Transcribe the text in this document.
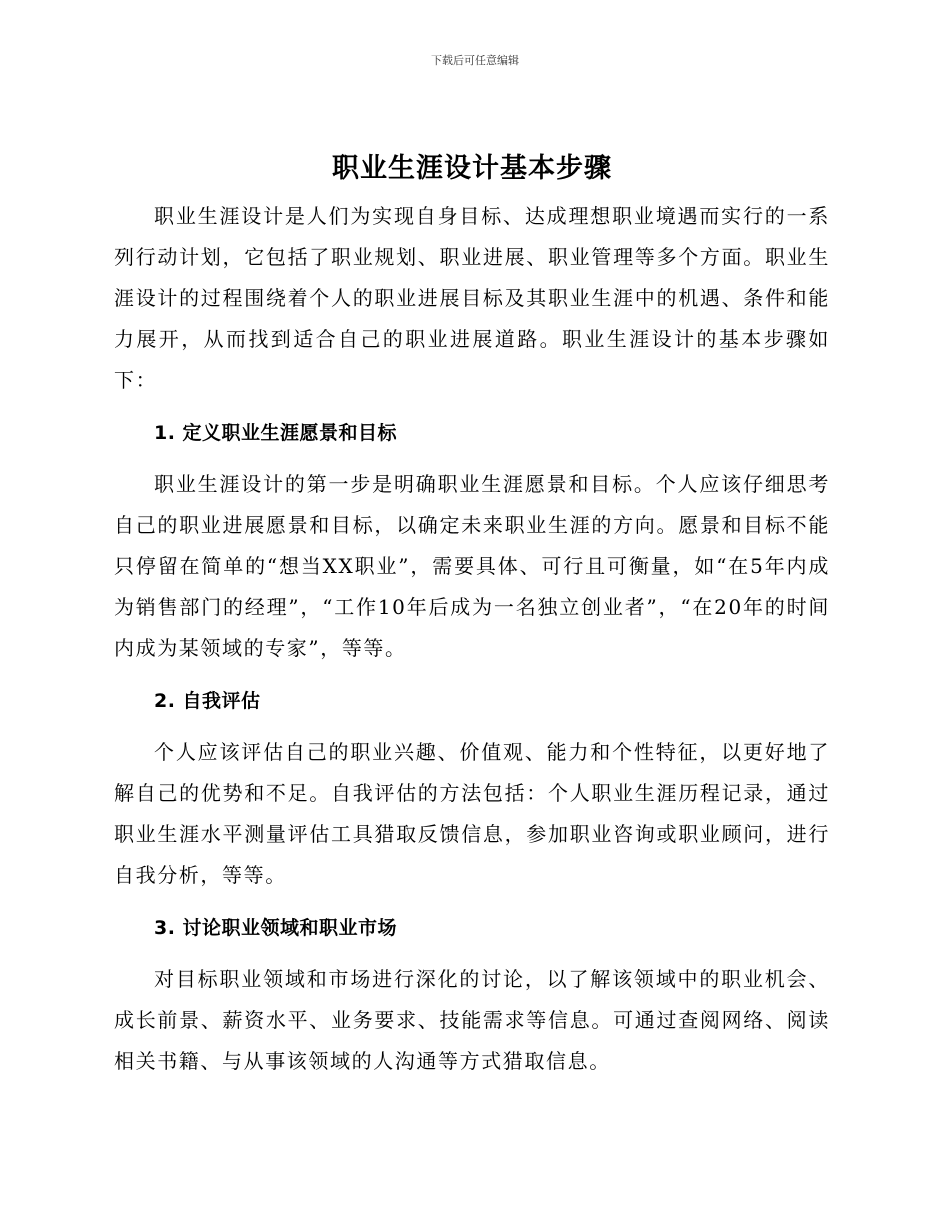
下载后可任意编辑
职业生涯设计基本步骤

职业生涯设计是人们为实现自身目标、达成理想职业境遇而实行的一系列行动计划，它包括了职业规划、职业进展、职业管理等多个方面。职业生涯设计的过程围绕着个人的职业进展目标及其职业生涯中的机遇、条件和能力展开，从而找到适合自己的职业进展道路。职业生涯设计的基本步骤如下：

1. 定义职业生涯愿景和目标

职业生涯设计的第一步是明确职业生涯愿景和目标。个人应该仔细思考自己的职业进展愿景和目标，以确定未来职业生涯的方向。愿景和目标不能只停留在简单的“想当XX职业”，需要具体、可行且可衡量，如“在5年内成为销售部门的经理”，“工作10年后成为一名独立创业者”，“在20年的时间内成为某领域的专家”，等等。

2. 自我评估

个人应该评估自己的职业兴趣、价值观、能力和个性特征，以更好地了解自己的优势和不足。自我评估的方法包括：个人职业生涯历程记录，通过职业生涯水平测量评估工具猎取反馈信息，参加职业咨询或职业顾问，进行自我分析，等等。

3. 讨论职业领域和职业市场

对目标职业领域和市场进行深化的讨论，以了解该领域中的职业机会、成长前景、薪资水平、业务要求、技能需求等信息。可通过查阅网络、阅读相关书籍、与从事该领域的人沟通等方式猎取信息。
